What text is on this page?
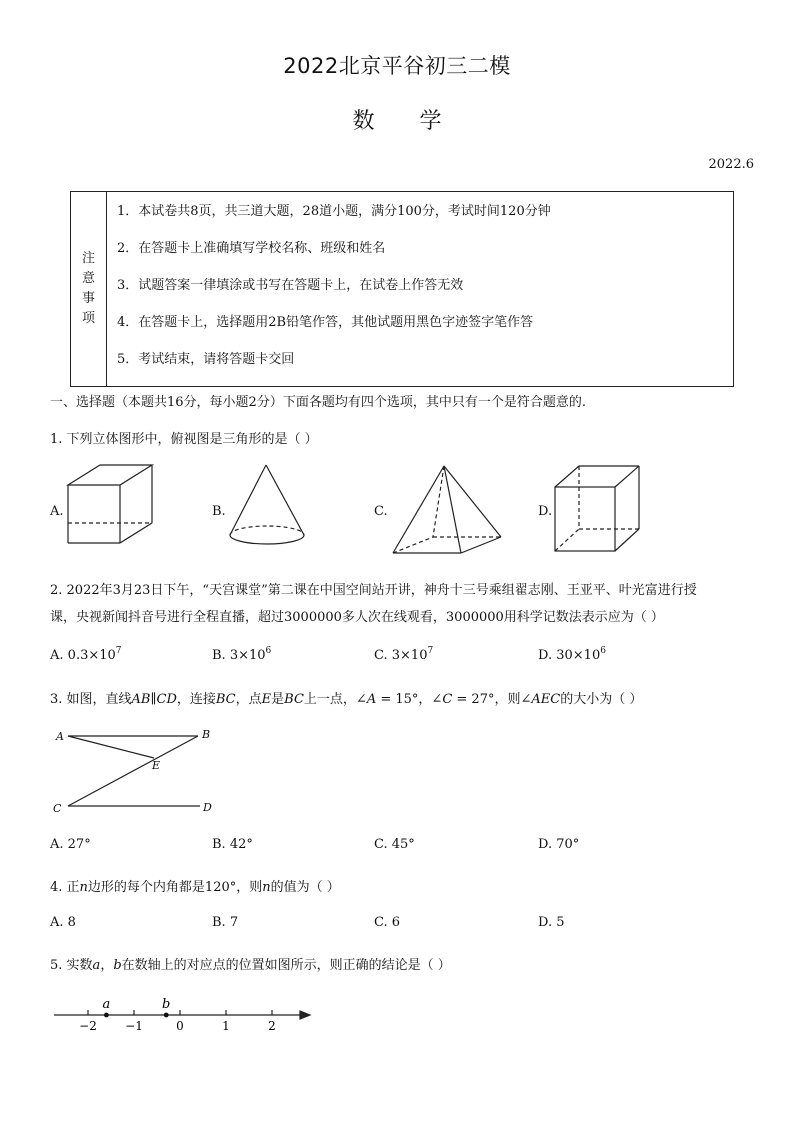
2022北京平谷初三二模
数 学
2022.6
注
意
事
项
1．本试卷共8页，共三道大题，28道小题，满分100分，考试时间120分钟
2．在答题卡上准确填写学校名称、班级和姓名
3．试题答案一律填涂或书写在答题卡上，在试卷上作答无效
4．在答题卡上，选择题用2B铅笔作答，其他试题用黑色字迹签字笔作答
5．考试结束，请将答题卡交回
一、选择题（本题共16分，每小题2分）下面各题均有四个选项，其中只有一个是符合题意的.
1. 下列立体图形中，俯视图是三角形的是（ ）
A.	B.	C.	D.
2. 2022年3月23日下午，“天宫课堂”第二课在中国空间站开讲，神舟十三号乘组翟志刚、王亚平、叶光富进行授
课，央视新闻抖音号进行全程直播，超过3000000多人次在线观看，3000000用科学记数法表示应为（ ）
A. $0.3\times 10^7$	B. $3\times 10^6$	C. $3\times 10^7$	D. $30\times 10^6$
3. 如图，直线AB∥CD，连接BC，点E是BC上一点，∠A = 15°，∠C = 27°，则∠AEC的大小为（ ）
A	B
E
C	D
A. 27°	B. 42°	C. 45°	D. 70°
4. 正n边形的每个内角都是120°，则n的值为（ ）
A. 8	B. 7	C. 6	D. 5
5. 实数a，b在数轴上的对应点的位置如图所示，则正确的结论是（ ）
−2 −1	0	1	2
a	b
